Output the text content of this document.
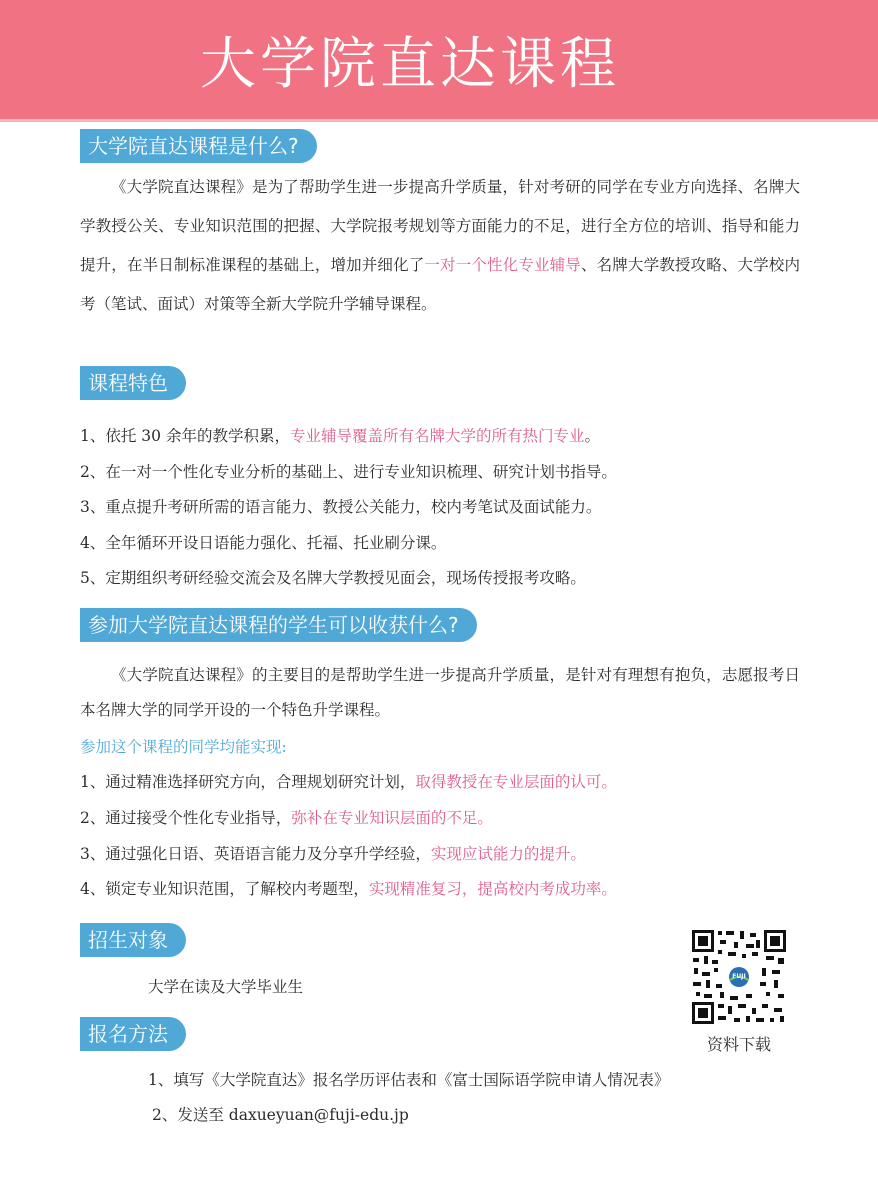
大学院直达课程
大学院直达课程是什么?

《大学院直达课程》是为了帮助学生进一步提高升学质量，针对考研的同学在专业方向选择、名牌大学教授公关、专业知识范围的把握、大学院报考规划等方面能力的不足，进行全方位的培训、指导和能力提升，在半日制标准课程的基础上，增加并细化了一对一个性化专业辅导、名牌大学教授攻略、大学校内考（笔试、面试）对策等全新大学院升学辅导课程。

课程特色

1、依托 30 余年的教学积累，专业辅导覆盖所有名牌大学的所有热门专业。

2、在一对一个性化专业分析的基础上、进行专业知识梳理、研究计划书指导。

3、重点提升考研所需的语言能力、教授公关能力，校内考笔试及面试能力。

4、全年循环开设日语能力强化、托福、托业刷分课。

5、定期组织考研经验交流会及名牌大学教授见面会，现场传授报考攻略。

参加大学院直达课程的学生可以收获什么?

《大学院直达课程》的主要目的是帮助学生进一步提高升学质量，是针对有理想有抱负，志愿报考日本名牌大学的同学开设的一个特色升学课程。

参加这个课程的同学均能实现:

1、通过精准选择研究方向，合理规划研究计划，取得教授在专业层面的认可。

2、通过接受个性化专业指导，弥补在专业知识层面的不足。

3、通过强化日语、英语语言能力及分享升学经验，实现应试能力的提升。

4、锁定专业知识范围，了解校内考题型，实现精准复习，提高校内考成功率。

招生对象

大学在读及大学毕业生

报名方法

1、填写《大学院直达》报名学历评估表和《富士国际语学院申请人情况表》

2、发送至 daxueyuan@fuji-edu.jp

FUJI
资料下载
